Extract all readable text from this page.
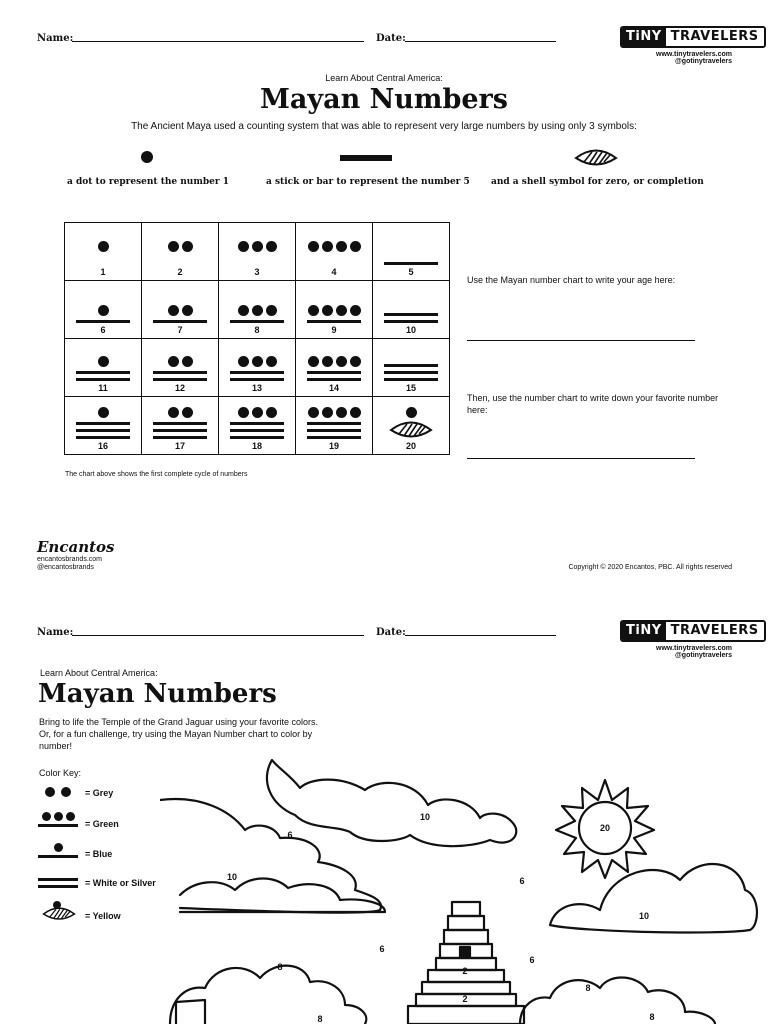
Name:	Date:	TiNY TRAVELERS
www.tinytravelers.com
@gotinytravelers
Learn About Central America:
Mayan Numbers
The Ancient Maya used a counting system that was able to represent very large numbers by using only 3 symbols:
a dot to represent the number 1	a stick or bar to represent the number 5 and a shell symbol for zero, or completion
1	2	3	4	5

6	7	8	9	10

11	12	13	14	15

16	17	18	19	20
The chart above shows the first complete cycle of numbers
Use the Mayan number chart to write your age here:
Then, use the number chart to write down your favorite number here:
Encantos
encantosbrands.com
@encantosbrands	Copyright © 2020 Encantos, PBC. All rights reserved
Name:	Date:	TiNY TRAVELERS
www.tinytravelers.com
@gotinytravelers
Learn About Central America:
Mayan Numbers
Bring to life the Temple of the Grand Jaguar using your favorite colors. Or, for a fun challenge, try using the Mayan Number chart to color by number!
Color Key:
= Grey
= Green
= Blue
= White or Silver
= Yellow
10
6
20
10	6
10
6
8
6
2
2
8
8	8
